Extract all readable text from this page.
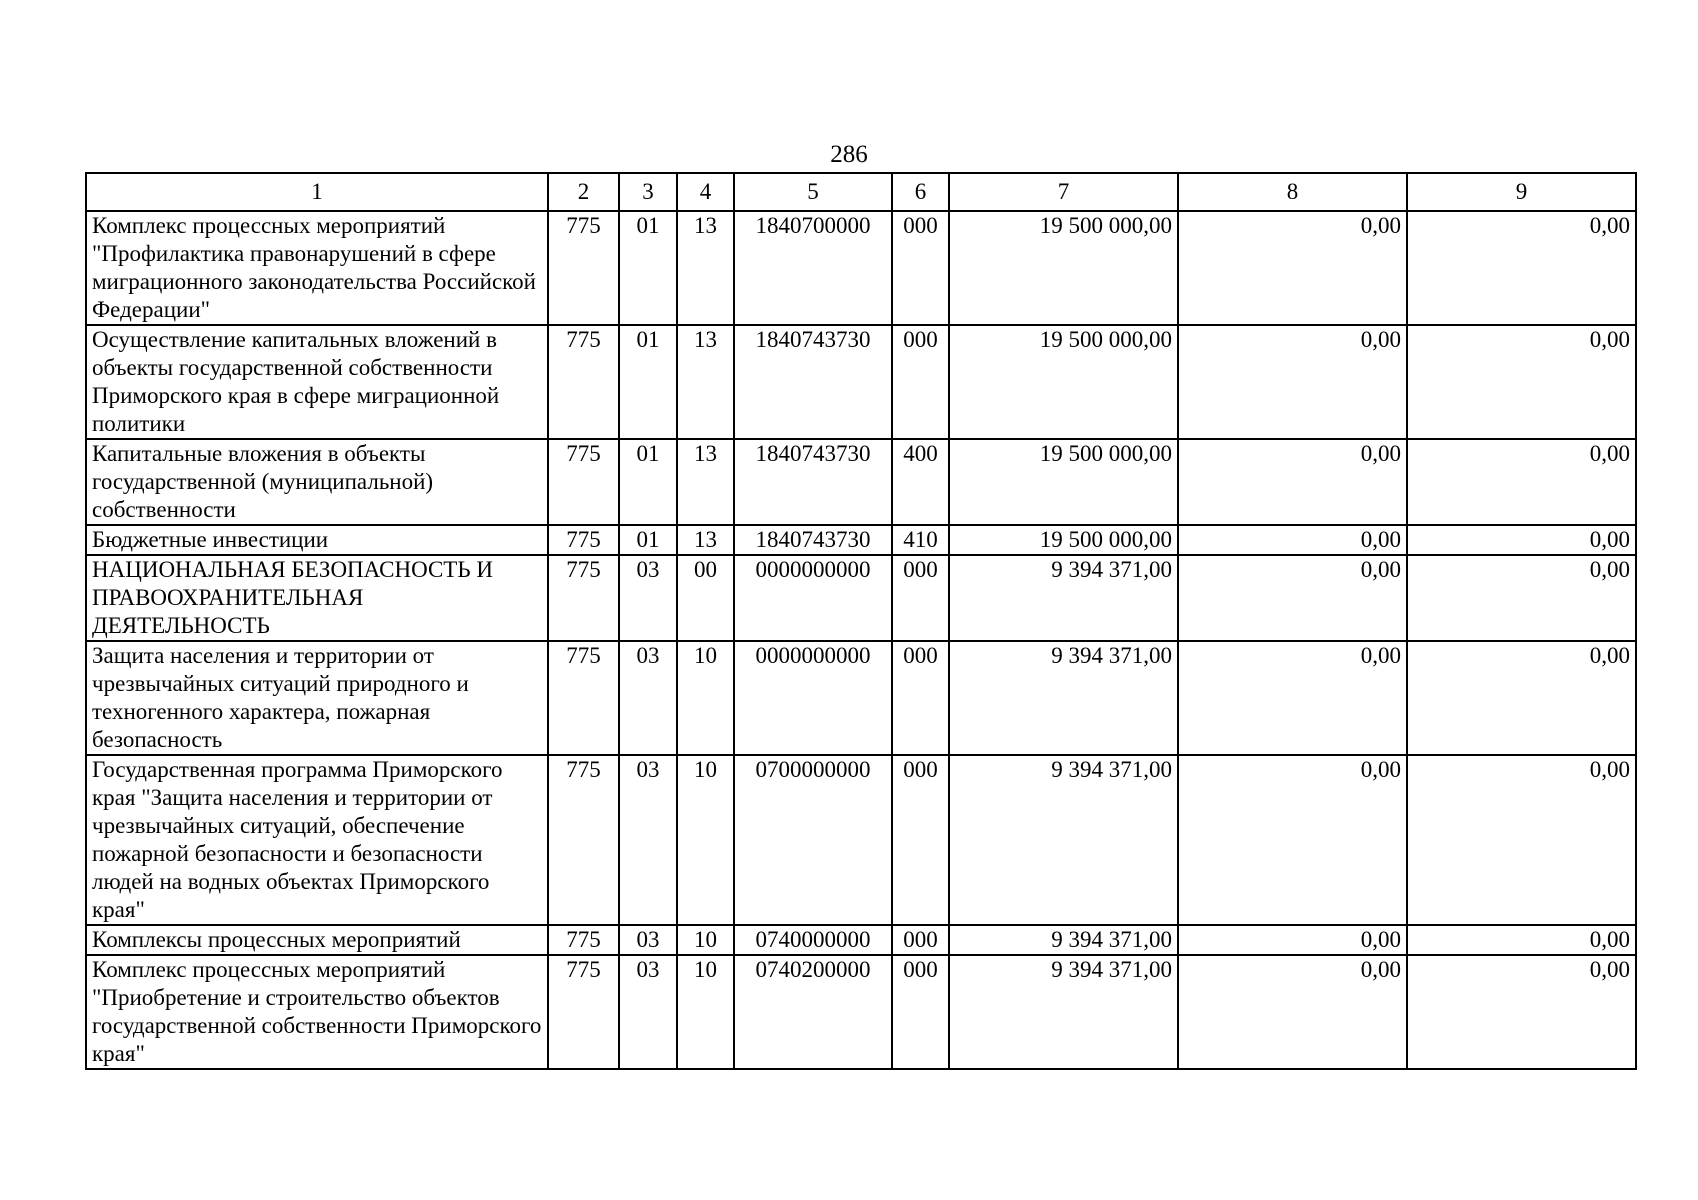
286
1	2	3	4	5	6	7	8	9
Комплекс процессных мероприятий "Профилактика правонарушений в сфере миграционного законодательства Российской Федерации"	775	01	13	1840700000	000	19 500 000,00	0,00	0,00
Осуществление капитальных вложений в объекты государственной собственности Приморского края в сфере миграционной политики	775	01	13	1840743730	000	19 500 000,00	0,00	0,00
Капитальные вложения в объекты государственной (муниципальной) собственности	775	01	13	1840743730	400	19 500 000,00	0,00	0,00
Бюджетные инвестиции	775	01	13	1840743730	410	19 500 000,00	0,00	0,00
НАЦИОНАЛЬНАЯ БЕЗОПАСНОСТЬ И ПРАВООХРАНИТЕЛЬНАЯ ДЕЯТЕЛЬНОСТЬ	775	03	00	0000000000	000	9 394 371,00	0,00	0,00
Защита населения и территории от чрезвычайных ситуаций природного и техногенного характера, пожарная безопасность	775	03	10	0000000000	000	9 394 371,00	0,00	0,00
Государственная программа Приморского края "Защита населения и территории от чрезвычайных ситуаций, обеспечение пожарной безопасности и безопасности людей на водных объектах Приморского края"	775	03	10	0700000000	000	9 394 371,00	0,00	0,00
Комплексы процессных мероприятий	775	03	10	0740000000	000	9 394 371,00	0,00	0,00
Комплекс процессных мероприятий "Приобретение и строительство объектов государственной собственности Приморского края"	775	03	10	0740200000	000	9 394 371,00	0,00	0,00
